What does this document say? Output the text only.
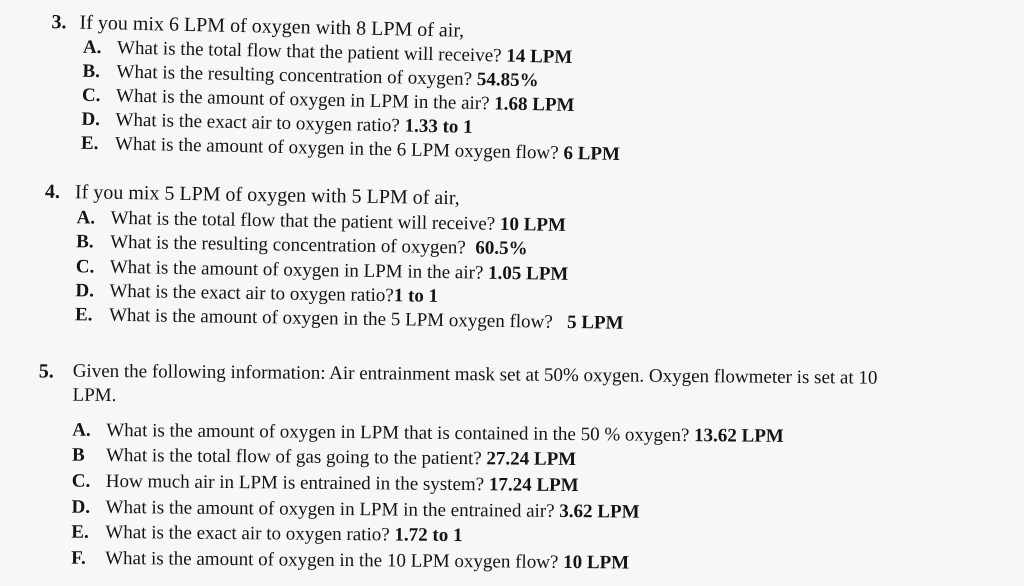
3. If you mix 6 LPM of oxygen with 8 LPM of air,
A. What is the total flow that the patient will receive? 14 LPM
B. What is the resulting concentration of oxygen? 54.85%
C. What is the amount of oxygen in LPM in the air? 1.68 LPM
D. What is the exact air to oxygen ratio? 1.33 to 1
E. What is the amount of oxygen in the 6 LPM oxygen flow? 6 LPM
4. If you mix 5 LPM of oxygen with 5 LPM of air,
A. What is the total flow that the patient will receive? 10 LPM
B. What is the resulting concentration of oxygen? 60.5%
C. What is the amount of oxygen in LPM in the air? 1.05 LPM
D. What is the exact air to oxygen ratio?1 to 1
E. What is the amount of oxygen in the 5 LPM oxygen flow? 5 LPM
5. Given the following information: Air entrainment mask set at 50% oxygen. Oxygen flowmeter is set at 10
LPM.
A. What is the amount of oxygen in LPM that is contained in the 50 % oxygen? 13.62 LPM
B What is the total flow of gas going to the patient? 27.24 LPM
C. How much air in LPM is entrained in the system? 17.24 LPM
D. What is the amount of oxygen in LPM in the entrained air? 3.62 LPM
E. What is the exact air to oxygen ratio? 1.72 to 1
F. What is the amount of oxygen in the 10 LPM oxygen flow? 10 LPM
